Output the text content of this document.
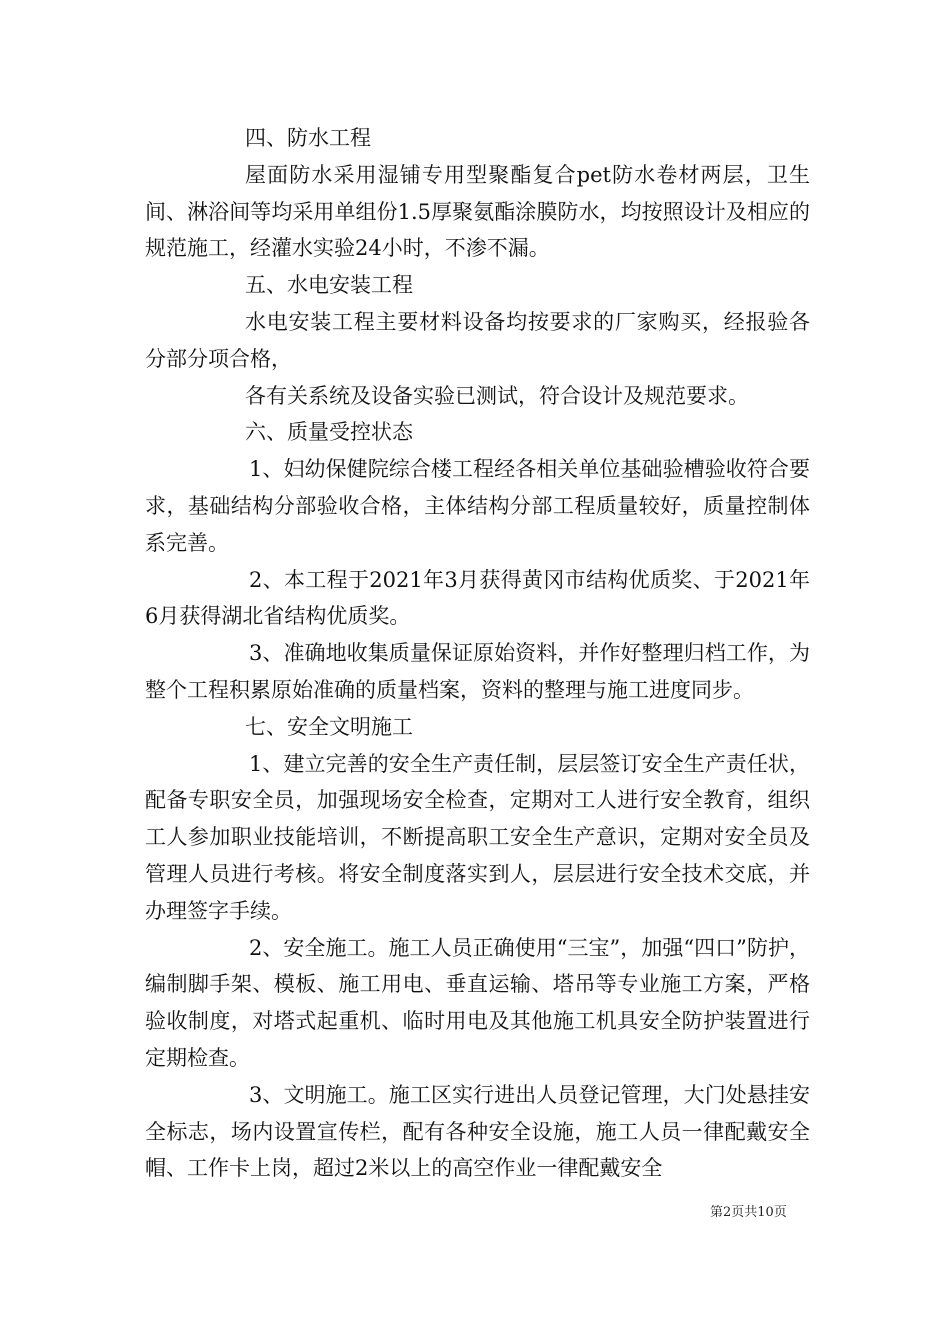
四、防水工程

屋面防水采用湿铺专用型聚酯复合pet防水卷材两层，卫生间、淋浴间等均采用单组份1.5厚聚氨酯涂膜防水，均按照设计及相应的规范施工，经灌水实验24小时，不渗不漏。

五、水电安装工程

水电安装工程主要材料设备均按要求的厂家购买，经报验各分部分项合格，

各有关系统及设备实验已测试，符合设计及规范要求。

六、质量受控状态

1、妇幼保健院综合楼工程经各相关单位基础验槽验收符合要求，基础结构分部验收合格，主体结构分部工程质量较好，质量控制体系完善。

2、本工程于2021年3月获得黄冈市结构优质奖、于2021年6月获得湖北省结构优质奖。

3、准确地收集质量保证原始资料，并作好整理归档工作，为整个工程积累原始准确的质量档案，资料的整理与施工进度同步。

七、安全文明施工

1、建立完善的安全生产责任制，层层签订安全生产责任状，配备专职安全员，加强现场安全检查，定期对工人进行安全教育，组织工人参加职业技能培训，不断提高职工安全生产意识，定期对安全员及管理人员进行考核。将安全制度落实到人，层层进行安全技术交底，并办理签字手续。

2、安全施工。施工人员正确使用“三宝”，加强“四口”防护，编制脚手架、模板、施工用电、垂直运输、塔吊等专业施工方案，严格验收制度，对塔式起重机、临时用电及其他施工机具安全防护装置进行定期检查。

3、文明施工。施工区实行进出人员登记管理，大门处悬挂安全标志，场内设置宣传栏，配有各种安全设施，施工人员一律配戴安全帽、工作卡上岗，超过2米以上的高空作业一律配戴安全

第2页共10页
